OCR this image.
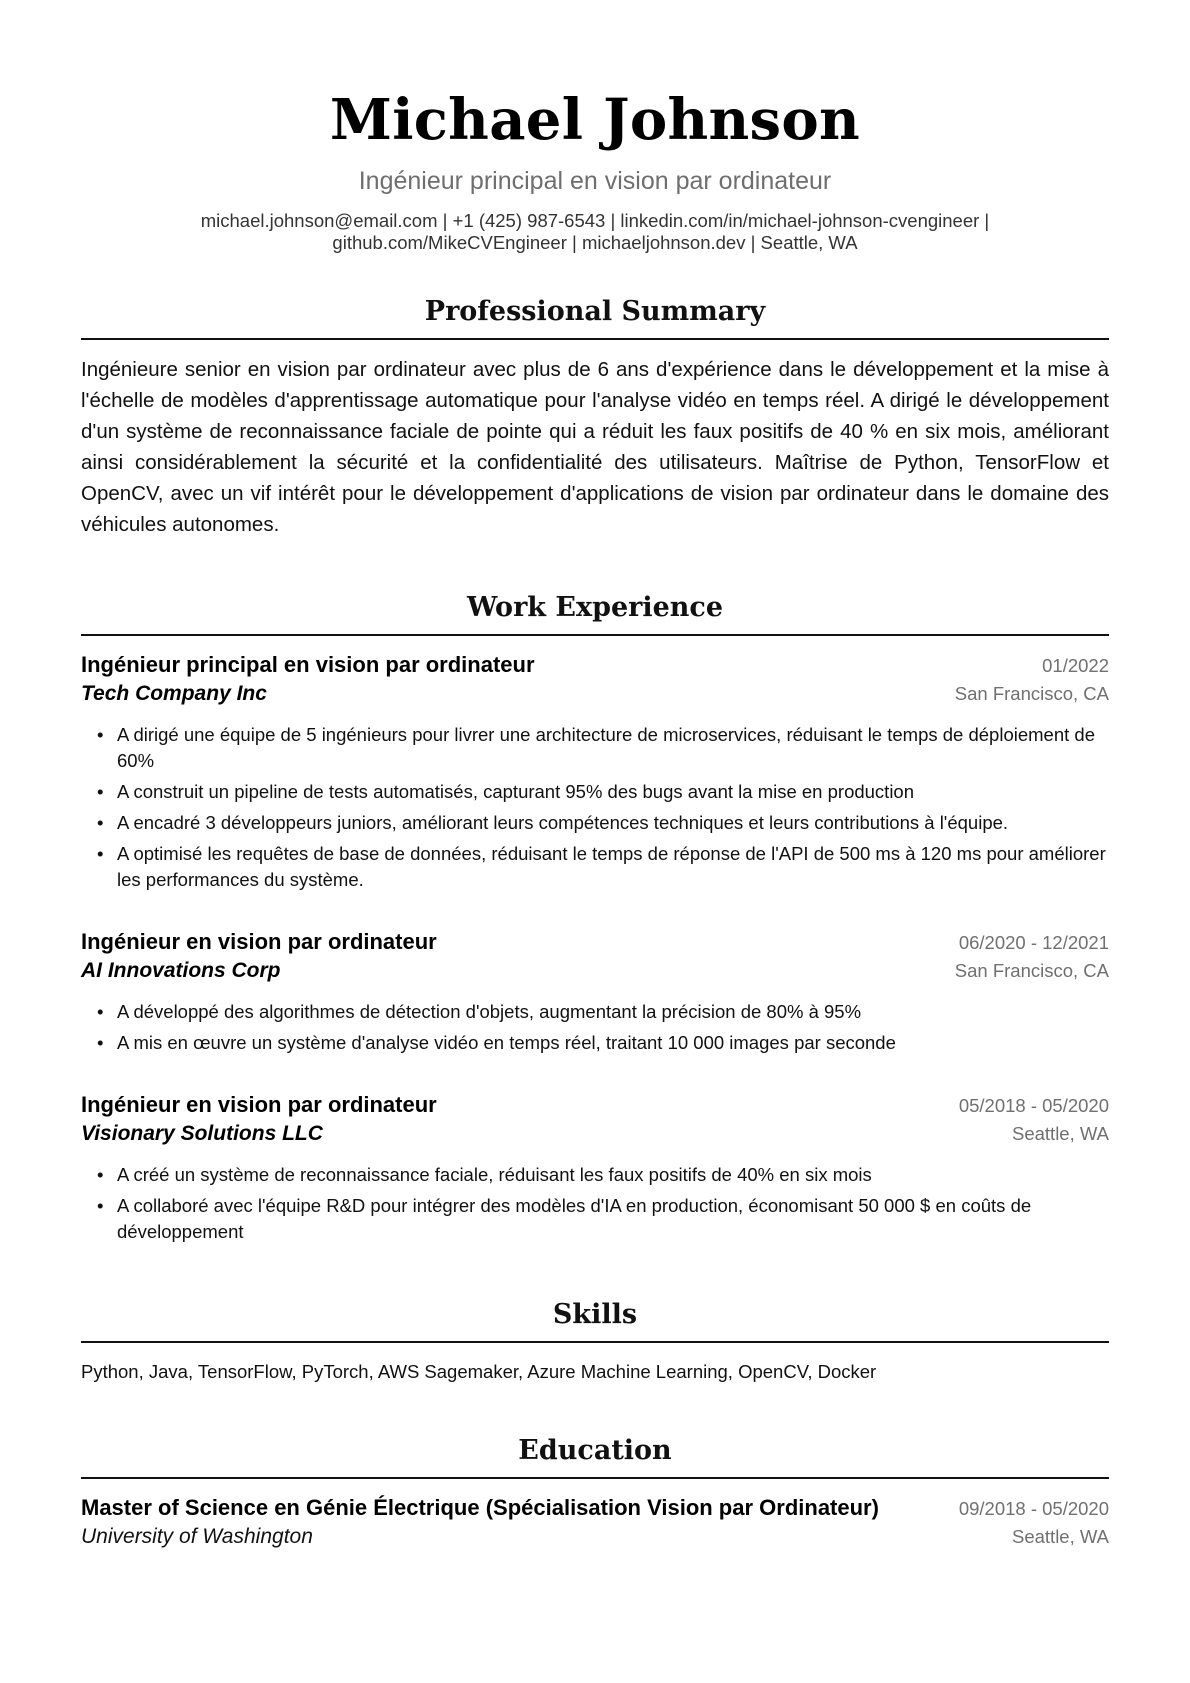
Michael Johnson
Ingénieur principal en vision par ordinateur
michael.johnson@email.com | +1 (425) 987-6543 | linkedin.com/in/michael-johnson-cvengineer |
github.com/MikeCVEngineer | michaeljohnson.dev | Seattle, WA
Professional Summary
Ingénieure senior en vision par ordinateur avec plus de 6 ans d'expérience dans le développement et la mise à l'échelle de modèles d'apprentissage automatique pour l'analyse vidéo en temps réel. A dirigé le développement d'un système de reconnaissance faciale de pointe qui a réduit les faux positifs de 40 % en six mois, améliorant ainsi considérablement la sécurité et la confidentialité des utilisateurs. Maîtrise de Python, TensorFlow et OpenCV, avec un vif intérêt pour le développement d'applications de vision par ordinateur dans le domaine des véhicules autonomes.
Work Experience
Ingénieur principal en vision par ordinateur	01/2022
Tech Company Inc	San Francisco, CA
• A dirigé une équipe de 5 ingénieurs pour livrer une architecture de microservices, réduisant le temps de déploiement de 60%
• A construit un pipeline de tests automatisés, capturant 95% des bugs avant la mise en production
• A encadré 3 développeurs juniors, améliorant leurs compétences techniques et leurs contributions à l'équipe.
• A optimisé les requêtes de base de données, réduisant le temps de réponse de l'API de 500 ms à 120 ms pour améliorer les performances du système.
Ingénieur en vision par ordinateur	06/2020 - 12/2021
AI Innovations Corp	San Francisco, CA
• A développé des algorithmes de détection d'objets, augmentant la précision de 80% à 95%
• A mis en œuvre un système d'analyse vidéo en temps réel, traitant 10 000 images par seconde
Ingénieur en vision par ordinateur	05/2018 - 05/2020
Visionary Solutions LLC	Seattle, WA
• A créé un système de reconnaissance faciale, réduisant les faux positifs de 40% en six mois
• A collaboré avec l'équipe R&D pour intégrer des modèles d'IA en production, économisant 50 000 $ en coûts de développement
Skills
Python, Java, TensorFlow, PyTorch, AWS Sagemaker, Azure Machine Learning, OpenCV, Docker
Education
Master of Science en Génie Électrique (Spécialisation Vision par Ordinateur)	09/2018 - 05/2020
University of Washington	Seattle, WA
